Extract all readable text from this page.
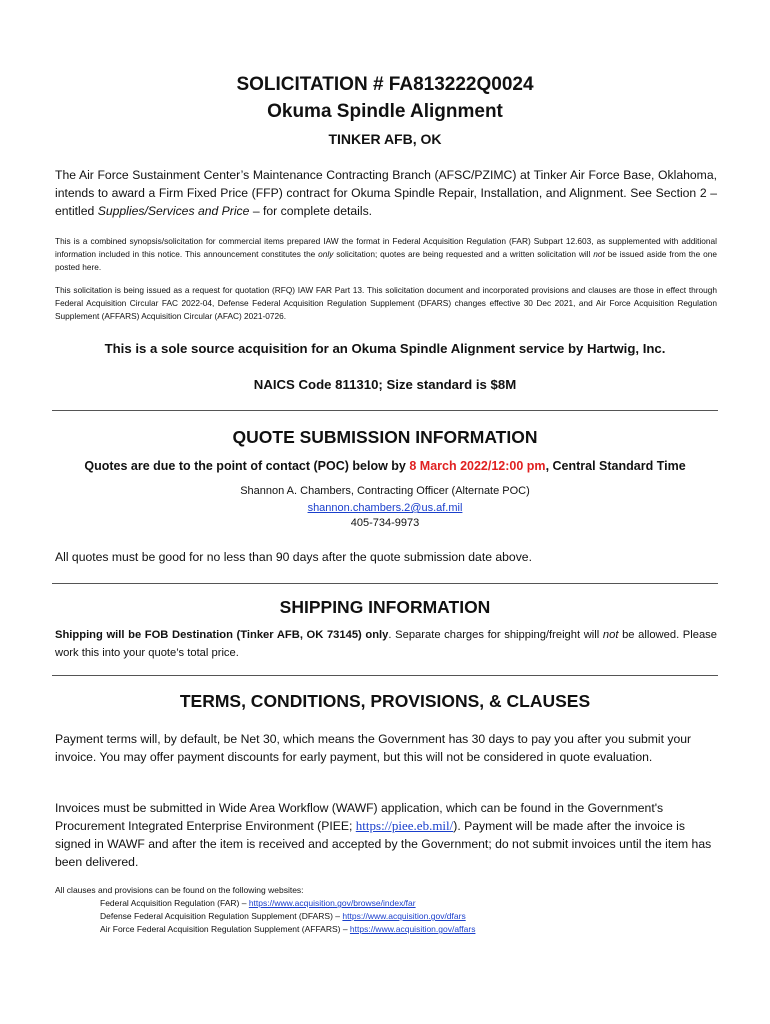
SOLICITATION # FA813222Q0024
Okuma Spindle Alignment
TINKER AFB, OK
The Air Force Sustainment Center’s Maintenance Contracting Branch (AFSC/PZIMC) at Tinker Air Force Base, Oklahoma, intends to award a Firm Fixed Price (FFP) contract for Okuma Spindle Repair, Installation, and Alignment. See Section 2 – entitled Supplies/Services and Price – for complete details.
This is a combined synopsis/solicitation for commercial items prepared IAW the format in Federal Acquisition Regulation (FAR) Subpart 12.603, as supplemented with additional information included in this notice. This announcement constitutes the only solicitation; quotes are being requested and a written solicitation will not be issued aside from the one posted here.
This solicitation is being issued as a request for quotation (RFQ) IAW FAR Part 13. This solicitation document and incorporated provisions and clauses are those in effect through Federal Acquisition Circular FAC 2022-04, Defense Federal Acquisition Regulation Supplement (DFARS) changes effective 30 Dec 2021, and Air Force Acquisition Regulation Supplement (AFFARS) Acquisition Circular (AFAC) 2021-0726.
This is a sole source acquisition for an Okuma Spindle Alignment service by Hartwig, Inc.
NAICS Code 811310; Size standard is $8M
QUOTE SUBMISSION INFORMATION
Quotes are due to the point of contact (POC) below by 8 March 2022/12:00 pm, Central Standard Time
Shannon A. Chambers, Contracting Officer (Alternate POC)
shannon.chambers.2@us.af.mil
405-734-9973
All quotes must be good for no less than 90 days after the quote submission date above.
SHIPPING INFORMATION
Shipping will be FOB Destination (Tinker AFB, OK 73145) only. Separate charges for shipping/freight will not be allowed. Please work this into your quote’s total price.
TERMS, CONDITIONS, PROVISIONS, & CLAUSES
Payment terms will, by default, be Net 30, which means the Government has 30 days to pay you after you submit your invoice. You may offer payment discounts for early payment, but this will not be considered in quote evaluation.
Invoices must be submitted in Wide Area Workflow (WAWF) application, which can be found in the Government's Procurement Integrated Enterprise Environment (PIEE; https://piee.eb.mil/). Payment will be made after the invoice is signed in WAWF and after the item is received and accepted by the Government; do not submit invoices until the item has been delivered.
All clauses and provisions can be found on the following websites:
Federal Acquisition Regulation (FAR) – https://www.acquisition.gov/browse/index/far
Defense Federal Acquisition Regulation Supplement (DFARS) – https://www.acquisition.gov/dfars
Air Force Federal Acquisition Regulation Supplement (AFFARS) – https://www.acquisition.gov/affars
